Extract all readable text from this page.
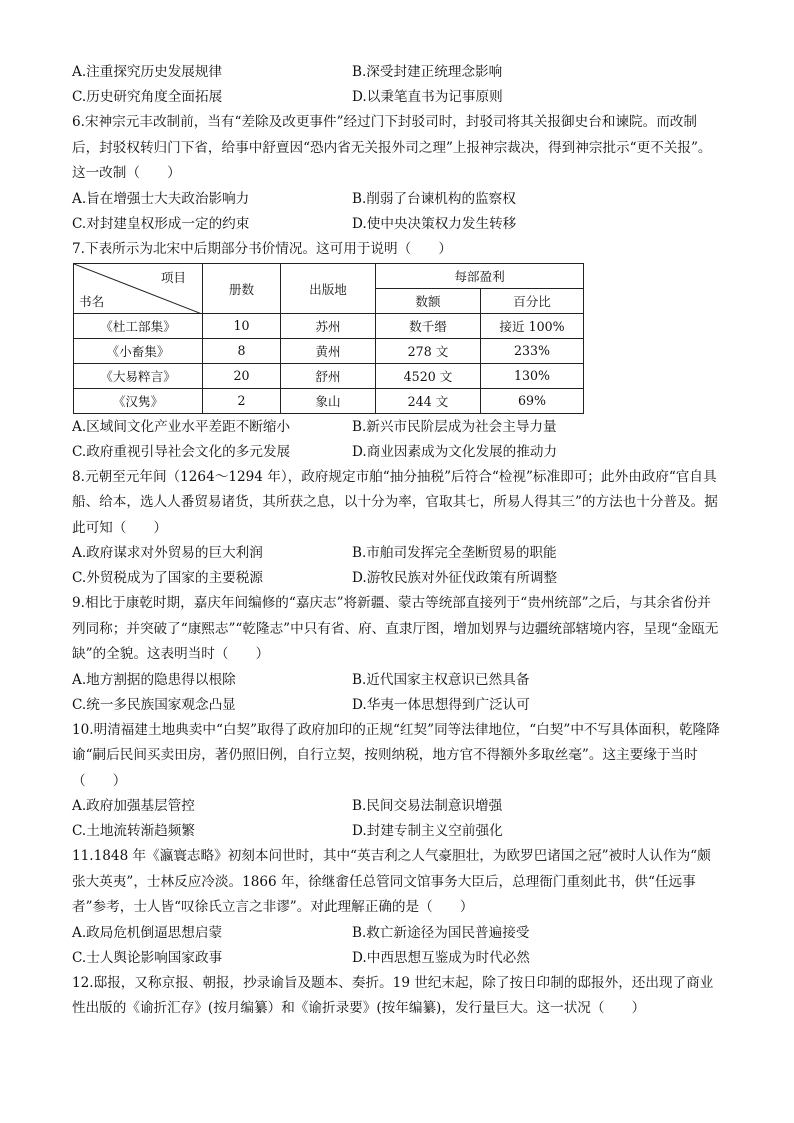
A.注重探究历史发展规律	B.深受封建正统理念影响
C.历史研究角度全面拓展	D.以秉笔直书为记事原则
6.宋神宗元丰改制前，当有“差除及改更事件”经过门下封驳司时，封驳司将其关报御史台和谏院。而改制后，封驳权转归门下省，给事中舒亶因“恐内省无关报外司之理”上报神宗裁决，得到神宗批示“更不关报”。这一改制（　　）
A.旨在增强士大夫政治影响力	B.削弱了台谏机构的监察权
C.对封建皇权形成一定的约束	D.使中央决策权力发生转移
7.下表所示为北宋中后期部分书价情况。这可用于说明（　　）
项目
书名	册数	出版地	每部盈利	
			数额	百分比
《杜工部集》	10	苏州	数千缗	接近 100%
《小畜集》	8	黄州	278 文	233%
《大易粹言》	20	舒州	4520 文	130%
《汉隽》	2	象山	244 文	69%
A.区域间文化产业水平差距不断缩小	B.新兴市民阶层成为社会主导力量
C.政府重视引导社会文化的多元发展	D.商业因素成为文化发展的推动力
8.元朝至元年间（1264～1294 年），政府规定市舶“抽分抽税”后符合“检视”标准即可；此外由政府“官自具船、给本，选人人番贸易诸货，其所获之息，以十分为率，官取其七，所易人得其三”的方法也十分普及。据此可知（　　）
A.政府谋求对外贸易的巨大利润	B.市舶司发挥完全垄断贸易的职能
C.外贸税成为了国家的主要税源	D.游牧民族对外征伐政策有所调整
9.相比于康乾时期，嘉庆年间编修的“嘉庆志”将新疆、蒙古等统部直接列于“贵州统部”之后，与其余省份并列同称；并突破了“康熙志”“乾隆志”中只有省、府、直隶厅图，增加划界与边疆统部辖境内容，呈现“金瓯无缺”的全貌。这表明当时（　　）
A.地方割据的隐患得以根除	B.近代国家主权意识已然具备
C.统一多民族国家观念凸显	D.华夷一体思想得到广泛认可
10.明清福建土地典卖中“白契”取得了政府加印的正规“红契”同等法律地位，“白契”中不写具体面积，乾隆降谕“嗣后民间买卖田房，著仍照旧例，自行立契，按则纳税，地方官不得额外多取丝毫”。这主要缘于当时（　　）
A.政府加强基层管控	B.民间交易法制意识增强
C.土地流转渐趋频繁	D.封建专制主义空前强化
11.1848 年《瀛寰志略》初刻本问世时，其中“英吉利之人气豪胆壮，为欧罗巴诸国之冠”被时人认作为“颇张大英夷”，士林反应冷淡。1866 年，徐继畬任总管同文馆事务大臣后，总理衙门重刻此书，供“任远事者”参考，士人皆“叹徐氏立言之非谬”。对此理解正确的是（　　）
A.政局危机倒逼思想启蒙	B.救亡新途径为国民普遍接受
C.士人舆论影响国家政事	D.中西思想互鉴成为时代必然
12.邸报，又称京报、朝报，抄录谕旨及题本、奏折。19 世纪末起，除了按日印制的邸报外，还出现了商业性出版的《谕折汇存》(按月编纂）和《谕折录要》(按年编纂)，发行量巨大。这一状况（　　）
